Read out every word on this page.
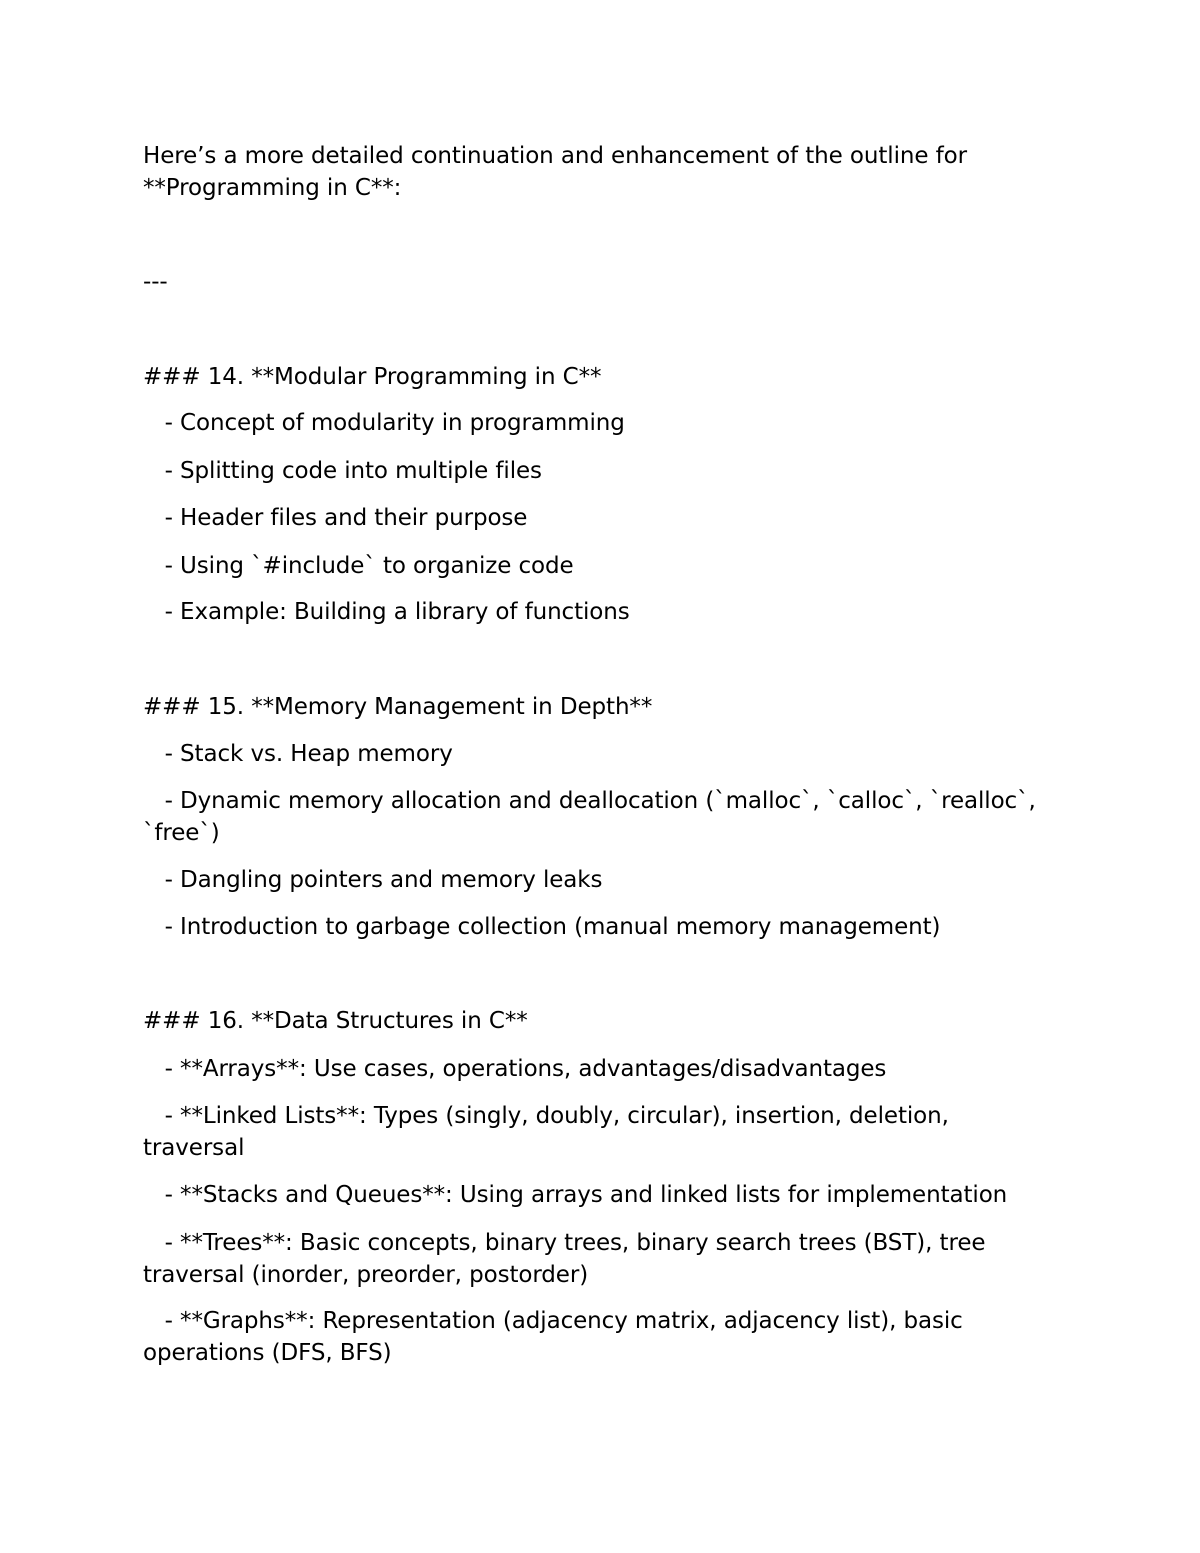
Here’s a more detailed continuation and enhancement of the outline for **Programming in C**:
---
### 14. **Modular Programming in C**
- Concept of modularity in programming
- Splitting code into multiple files
- Header files and their purpose
- Using `#include` to organize code
- Example: Building a library of functions
### 15. **Memory Management in Depth**
- Stack vs. Heap memory
- Dynamic memory allocation and deallocation (`malloc`, `calloc`, `realloc`, `free`)
- Dangling pointers and memory leaks
- Introduction to garbage collection (manual memory management)
### 16. **Data Structures in C**
- **Arrays**: Use cases, operations, advantages/disadvantages
- **Linked Lists**: Types (singly, doubly, circular), insertion, deletion, traversal
- **Stacks and Queues**: Using arrays and linked lists for implementation
- **Trees**: Basic concepts, binary trees, binary search trees (BST), tree traversal (inorder, preorder, postorder)
- **Graphs**: Representation (adjacency matrix, adjacency list), basic operations (DFS, BFS)
